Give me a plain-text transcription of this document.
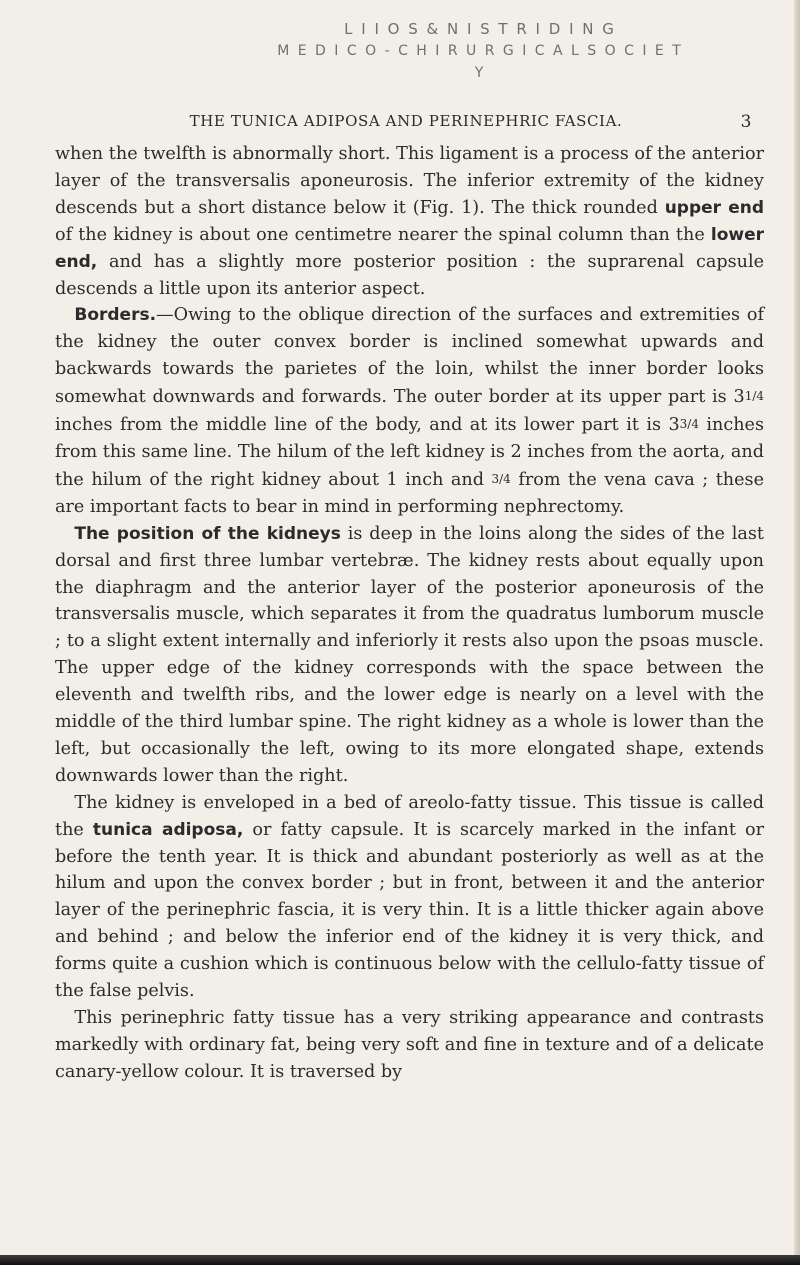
L I I O S & N I S T R I D I N G
M E D I C O - C H I R U R G I C A L S O C I E T Y
THE TUNICA ADIPOSA AND PERINEPHRIC FASCIA.	3

when the twelfth is abnormally short. This ligament is a process of the anterior layer of the transversalis aponeurosis. The inferior extremity of the kidney descends but a short distance below it (Fig. 1). The thick rounded upper end of the kidney is about one centimetre nearer the spinal column than the lower end, and has a slightly more posterior position : the suprarenal capsule descends a little upon its anterior aspect.

Borders.—Owing to the oblique direction of the surfaces and extremities of the kidney the outer convex border is inclined somewhat upwards and backwards towards the parietes of the loin, whilst the inner border looks somewhat downwards and forwards. The outer border at its upper part is 31/4 inches from the middle line of the body, and at its lower part it is 33/4 inches from this same line. The hilum of the left kidney is 2 inches from the aorta, and the hilum of the right kidney about 1 inch and 3/4 from the vena cava ; these are important facts to bear in mind in performing nephrectomy.

The position of the kidneys is deep in the loins along the sides of the last dorsal and first three lumbar vertebræ. The kidney rests about equally upon the diaphragm and the anterior layer of the posterior aponeurosis of the transversalis muscle, which separates it from the quadratus lumborum muscle ; to a slight extent internally and inferiorly it rests also upon the psoas muscle. The upper edge of the kidney corresponds with the space between the eleventh and twelfth ribs, and the lower edge is nearly on a level with the middle of the third lumbar spine. The right kidney as a whole is lower than the left, but occasionally the left, owing to its more elongated shape, extends downwards lower than the right.

The kidney is enveloped in a bed of areolo-fatty tissue. This tissue is called the tunica adiposa, or fatty capsule. It is scarcely marked in the infant or before the tenth year. It is thick and abundant posteriorly as well as at the hilum and upon the convex border ; but in front, between it and the anterior layer of the perinephric fascia, it is very thin. It is a little thicker again above and behind ; and below the inferior end of the kidney it is very thick, and forms quite a cushion which is continuous below with the cellulo-fatty tissue of the false pelvis.

This perinephric fatty tissue has a very striking appearance and contrasts markedly with ordinary fat, being very soft and fine in texture and of a delicate canary-yellow colour. It is traversed by
